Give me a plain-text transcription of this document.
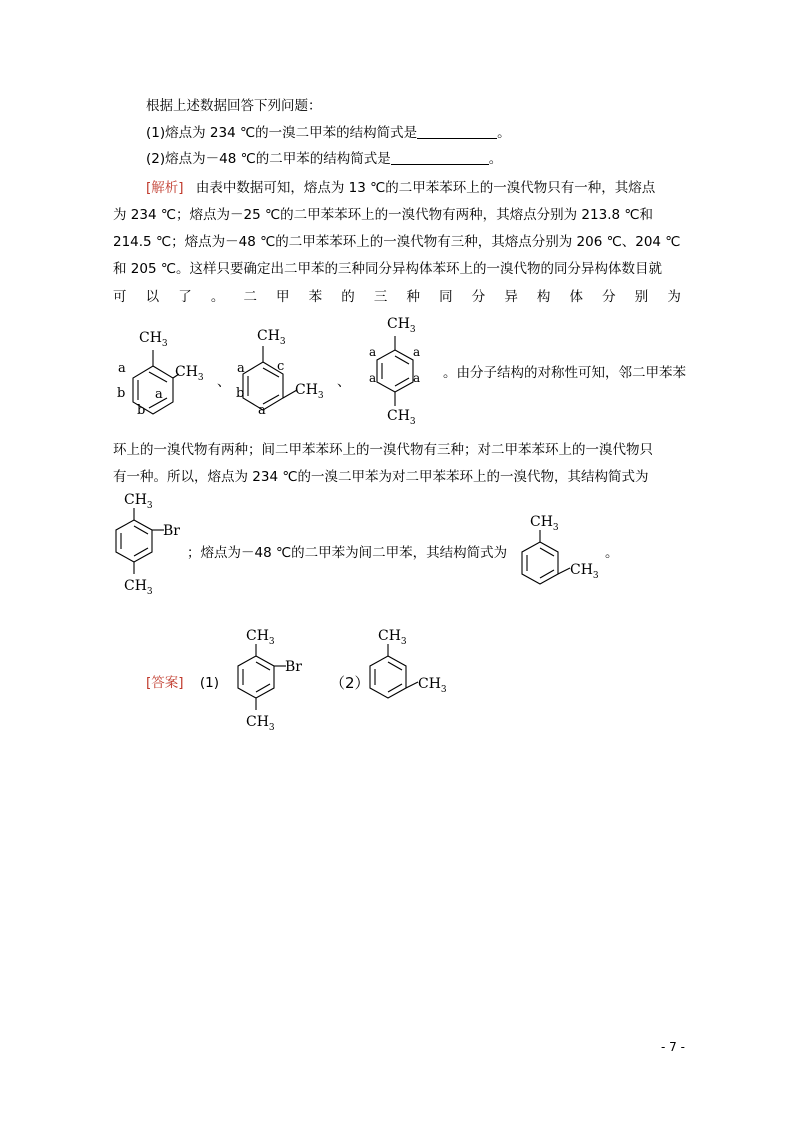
根据上述数据回答下列问题：
(1)熔点为 234 ℃的一溴二甲苯的结构简式是	。
(2)熔点为－48 ℃的二甲苯的结构简式是	。
[解析] 由表中数据可知，熔点为 13 ℃的二甲苯苯环上的一溴代物只有一种，其熔点
为 234 ℃；熔点为－25 ℃的二甲苯苯环上的一溴代物有两种，其熔点分别为 213.8 ℃和
214.5 ℃；熔点为－48 ℃的二甲苯苯环上的一溴代物有三种，其熔点分别为 206 ℃、204 ℃
和 205 ℃。这样只要确定出二甲苯的三种同分异构体苯环上的一溴代物的同分异构体数目就
可 以 了 。 二 甲 苯 的 三 种 同 分 异 构 体 分 别 为
$CH_3$
$CH_3$
a
a
b
b
、
$CH_3$
$CH_3$
a c
b
a
、
$CH_3$
$CH_3$
a	a
a	a 。由分子结构的对称性可知，邻二甲苯苯
环上的一溴代物有两种；间二甲苯苯环上的一溴代物有三种；对二甲苯苯环上的一溴代物只
有一种。所以，熔点为 234 ℃的一溴二甲苯为对二甲苯苯环上的一溴代物，其结构简式为
$CH_3$
$CH_3$
Br
；熔点为－48 ℃的二甲苯为间二甲苯，其结构简式为
$CH_3$
$CH_3$
。
[答案] (1)
$CH_3$
$CH_3$
Br
（2）
$CH_3$
$CH_3$
- 7 -
